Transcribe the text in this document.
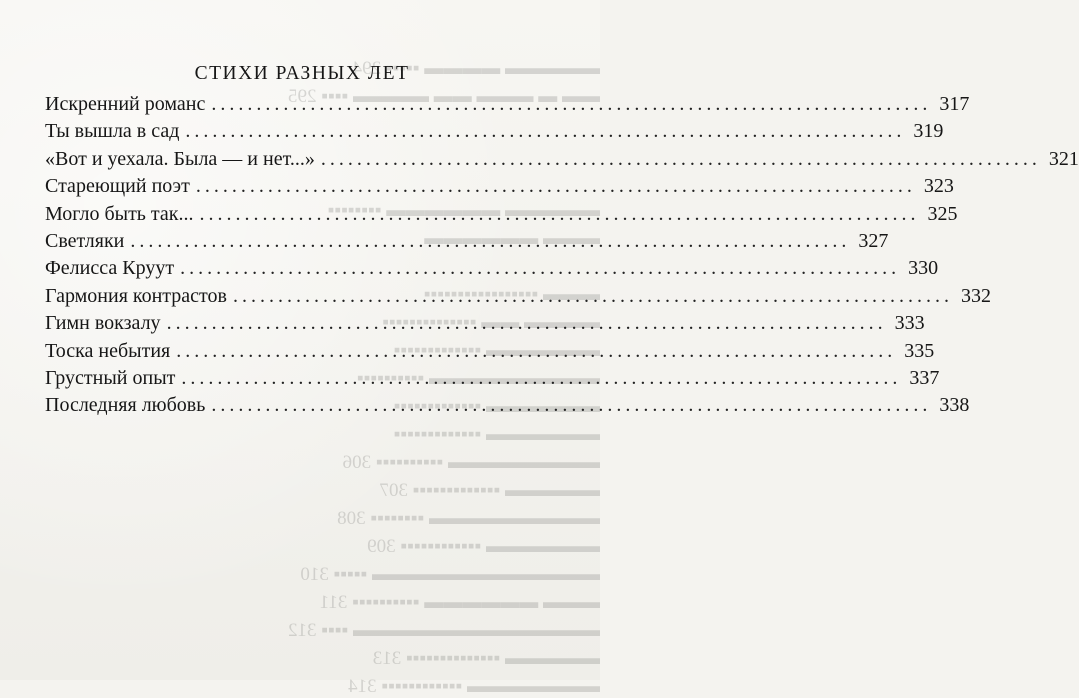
▬▬▬▬▬ ▬▬▬▬ ▪▪▪▪▪ 294
▬▬ ▬ ▬▬▬ ▬▬ ▬▬▬▬ ▪▪▪▪ 295
▬▬▬▬▬ ▬▬▬▬▬▬ ▪▪▪▪▪▪▪▪
▬▬▬ ▬▬▬▬▬▬
▬▬▬ ▪▪▪▪▪▪▪▪▪▪▪▪▪▪▪▪▪
▬▬▬▬ ▬▬ ▪▪▪▪▪▪▪▪▪▪▪▪▪▪
▬▬▬▬▬▬ ▪▪▪▪▪▪▪▪▪▪▪▪▪
▬▬▬▬▬▬▬▬▬ ▪▪▪▪▪▪▪▪▪▪
▬▬▬▬▬▬ ▪▪▪▪▪▪▪▪▪▪▪▪▪
▬▬▬▬▬▬ ▪▪▪▪▪▪▪▪▪▪▪▪▪
▬▬▬▬▬▬▬▬ ▪▪▪▪▪▪▪▪▪▪ 306
▬▬▬▬▬ ▪▪▪▪▪▪▪▪▪▪▪▪▪ 307
▬▬▬▬▬▬▬▬▬ ▪▪▪▪▪▪▪▪ 308
▬▬▬▬▬▬ ▪▪▪▪▪▪▪▪▪▪▪▪ 309
▬▬▬▬▬▬▬▬▬▬▬▬ ▪▪▪▪▪ 310
▬▬▬ ▬▬▬▬▬▬ ▪▪▪▪▪▪▪▪▪▪ 311
▬▬▬▬▬▬▬▬▬▬▬▬▬ ▪▪▪▪ 312
▬▬▬▬▬ ▪▪▪▪▪▪▪▪▪▪▪▪▪▪ 313
▬▬▬▬▬▬▬ ▪▪▪▪▪▪▪▪▪▪▪▪ 314
СТИХИ РАЗНЫХ ЛЕТ
Искренний романс . . .	317
Ты вышла в сад . . .	319
«Вот и уехала. Была — и нет...» . . .	321
Стареющий поэт . . .	323
Могло быть так... . . .	325
Светляки . . .	327
Фелисса Круут . . .	330
Гармония контрастов . . .	332
Гимн вокзалу . . .	333
Тоска небытия . . .	335
Грустный опыт . . .	337
Последняя любовь . . .	338
